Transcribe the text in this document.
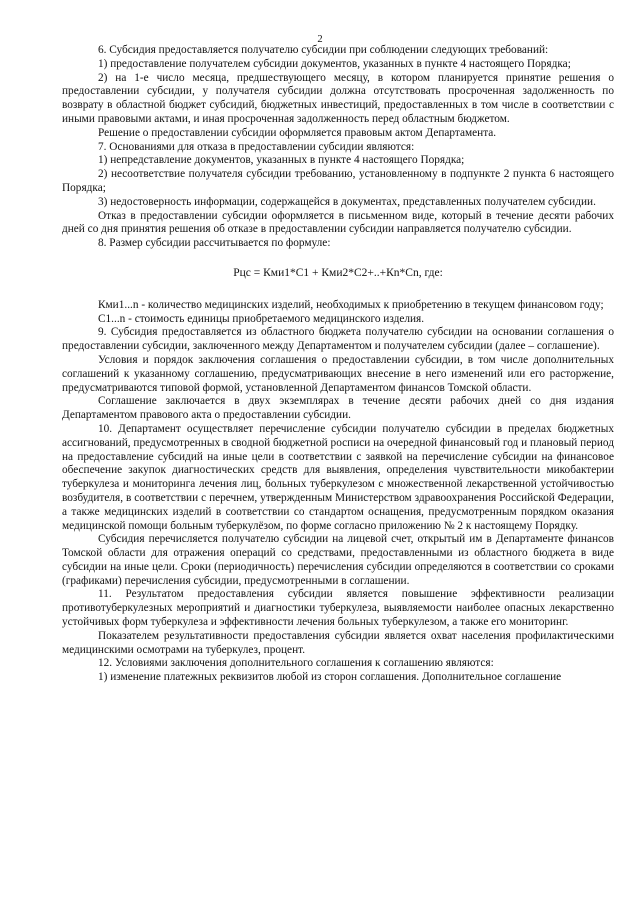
2

6. Субсидия предоставляется получателю субсидии при соблюдении следующих требований:

1) предоставление получателем субсидии документов, указанных в пункте 4 настоящего Порядка;

2) на 1-е число месяца, предшествующего месяцу, в котором планируется принятие решения о предоставлении субсидии, у получателя субсидии должна отсутствовать просроченная задолженность по возврату в областной бюджет субсидий, бюджетных инвестиций, предоставленных в том числе в соответствии с иными правовыми актами, и иная просроченная задолженность перед областным бюджетом.

Решение о предоставлении субсидии оформляется правовым актом Департамента.

7. Основаниями для отказа в предоставлении субсидии являются:

1) непредставление документов, указанных в пункте 4 настоящего Порядка;

2) несоответствие получателя субсидии требованию, установленному в подпункте 2 пункта 6 настоящего Порядка;

3) недостоверность информации, содержащейся в документах, представленных получателем субсидии.

Отказ в предоставлении субсидии оформляется в письменном виде, который в течение десяти рабочих дней со дня принятия решения об отказе в предоставлении субсидии направляется получателю субсидии.

8. Размер субсидии рассчитывается по формуле:

Рцс = Кми1*С1 + Кми2*С2+..+Кn*Сn, где:

Кми1...n - количество медицинских изделий, необходимых к приобретению в текущем финансовом году;

С1...n - стоимость единицы приобретаемого медицинского изделия.

9. Субсидия предоставляется из областного бюджета получателю субсидии на основании соглашения о предоставлении субсидии, заключенного между Департаментом и получателем субсидии (далее – соглашение).

Условия и порядок заключения соглашения о предоставлении субсидии, в том числе дополнительных соглашений к указанному соглашению, предусматривающих внесение в него изменений или его расторжение, предусматриваются типовой формой, установленной Департаментом финансов Томской области.

Соглашение заключается в двух экземплярах в течение десяти рабочих дней со дня издания Департаментом правового акта о предоставлении субсидии.

10. Департамент осуществляет перечисление субсидии получателю субсидии в пределах бюджетных ассигнований, предусмотренных в сводной бюджетной росписи на очередной финансовый год и плановый период на предоставление субсидий на иные цели в соответствии с заявкой на перечисление субсидии на финансовое обеспечение закупок диагностических средств для выявления, определения чувствительности микобактерии туберкулеза и мониторинга лечения лиц, больных туберкулезом с множественной лекарственной устойчивостью возбудителя, в соответствии с перечнем, утвержденным Министерством здравоохранения Российской Федерации, а также медицинских изделий в соответствии со стандартом оснащения, предусмотренным порядком оказания медицинской помощи больным туберкулёзом, по форме согласно приложению № 2 к настоящему Порядку.

Субсидия перечисляется получателю субсидии на лицевой счет, открытый им в Департаменте финансов Томской области для отражения операций со средствами, предоставленными из областного бюджета в виде субсидии на иные цели. Сроки (периодичность) перечисления субсидии определяются в соответствии со сроками (графиками) перечисления субсидии, предусмотренными в соглашении.

11. Результатом предоставления субсидии является повышение эффективности реализации противотуберкулезных мероприятий и диагностики туберкулеза, выявляемости наиболее опасных лекарственно устойчивых форм туберкулеза и эффективности лечения больных туберкулезом, а также его мониторинг.

Показателем результативности предоставления субсидии является охват населения профилактическими медицинскими осмотрами на туберкулез, процент.

12. Условиями заключения дополнительного соглашения к соглашению являются:

1) изменение платежных реквизитов любой из сторон соглашения. Дополнительное соглашение
